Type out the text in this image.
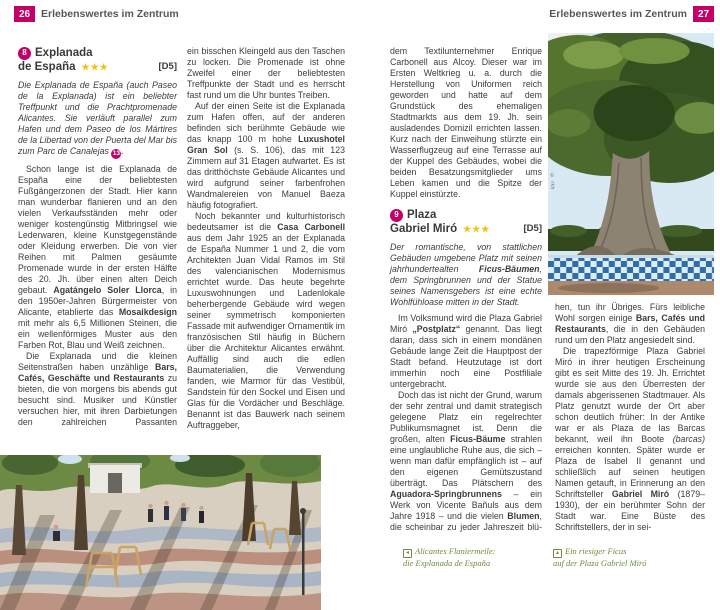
26	Erlebenswertes im Zentrum	Erlebenswertes im Zentrum	27
8 Explanada
de España ★★★	[D5]

Die Explanada de España (auch Paseo de la Explanada) ist ein beliebter Treffpunkt und die Prachtpromenade Alicantes. Sie verläuft parallel zum Hafen und dem Paseo de los Mártires de la Libertad von der Puerta del Mar bis zum Parc de Canalejas 13.

Schon lange ist die Explanada de España eine der beliebtesten Fußgängerzonen der Stadt. Hier kann man wunderbar flanieren und an den vielen Verkaufsständen mehr oder weniger kostengünstig Mitbringsel wie Lederwaren, kleine Kunstgegenstände oder Kleidung erwerben. Die von vier Reihen mit Palmen gesäumte Promenade wurde in der ersten Hälfte des 20. Jh. über einen alten Deich gebaut. Agatángelo Soler Llorca, in den 1950er-Jahren Bürgermeister von Alicante, etablierte das Mosaikdesign mit mehr als 6,5 Millionen Steinen, die ein wellenförmiges Muster aus den Farben Rot, Blau und Weiß zeichnen.

Die Explanada und die kleinen Seitenstraßen haben unzählige Bars, Cafés, Geschäfte und Restaurants zu bieten, die von morgens bis abends gut besucht sind. Musiker und Künstler versuchen hier, mit ihren Darbietungen den zahlreichen Passanten

ein bisschen Kleingeld aus den Taschen zu locken. Die Promenade ist ohne Zweifel einer der beliebtesten Treffpunkte der Stadt und es herrscht fast rund um die Uhr buntes Treiben.

Auf der einen Seite ist die Explanada zum Hafen offen, auf der anderen befinden sich berühmte Gebäude wie das knapp 100 m hohe Luxushotel Gran Sol (s. S. 106), das mit 123 Zimmern auf 31 Etagen aufwartet. Es ist das dritthöchste Gebäude Alicantes und wird aufgrund seiner farbenfrohen Wandmalereien von Manuel Baeza häufig fotografiert.

Noch bekannter und kulturhistorisch bedeutsamer ist die Casa Carbonell aus dem Jahr 1925 an der Explanada de España Nummer 1 und 2, die vom Architekten Juan Vidal Ramos im Stil des valencianischen Modernismus errichtet wurde. Das heute begehrte Luxuswohnungen und Ladenlokale beherbergende Gebäude wird wegen seiner symmetrisch komponierten Fassade mit aufwendiger Ornamentik im französischen Stil häufig in Büchern über die Architektur Alicantes erwähnt. Auffällig sind auch die edlen Baumaterialien, die Verwendung fanden, wie Marmor für das Vestibül, Sandstein für den Sockel und Eisen und Glas für die Vordächer und Beschläge. Benannt ist das Bauwerk nach seinem Auftraggeber,

dem Textilunternehmer Enrique Carbonell aus Alcoy. Dieser war im Ersten Weltkrieg u. a. durch die Herstellung von Uniformen reich geworden und hatte auf dem Grundstück des ehemaligen Stadtmarkts aus dem 19. Jh. sein ausladendes Domizil errichten lassen. Kurz nach der Einweihung stürzte ein Wasserflugzeug auf eine Terrasse auf der Kuppel des Gebäudes, wobei die beiden Besatzungsmitglieder ums Leben kamen und die Spitze der Kuppel einstürzte.

9 Plaza
Gabriel Miró ★★★	[D5]

Der romantische, von stattlichen Gebäuden umgebene Platz mit seinen jahrhundertealten Ficus-Bäumen, dem Springbrunnen und der Statue seines Namensgebers ist eine echte Wohlfühloase mitten in der Stadt.

Im Volksmund wird die Plaza Gabriel Miró „Postplatz“ genannt. Das liegt daran, dass sich in einem mondänen Gebäude lange Zeit die Hauptpost der Stadt befand. Heutzutage ist dort immerhin noch eine Postfiliale untergebracht.

Doch das ist nicht der Grund, warum der sehr zentral und damit strategisch gelegene Platz ein regelrechter Publikumsmagnet ist. Denn die großen, alten Ficus-Bäume strahlen eine unglaubliche Ruhe aus, die sich – wenn man dafür empfänglich ist – auf den eigenen Gemütszustand überträgt. Das Plätschern des Aguadora-Springbrunnens – ein Werk von Vicente Bañuls aus dem Jahre 1918 – und die vielen Blumen, die scheinbar zu jeder Jahreszeit blü-

hen, tun ihr Übriges. Fürs leibliche Wohl sorgen einige Bars, Cafés und Restaurants, die in den Gebäuden rund um den Platz angesiedelt sind.

Die trapezförmige Plaza Gabriel Miró in ihrer heutigen Erscheinung gibt es seit Mitte des 19. Jh. Errichtet wurde sie aus den Überresten der damals abgerissenen Stadtmauer. Als Platz genutzt wurde der Ort aber schon deutlich früher: In der Antike war er als Plaza de las Barcas bekannt, weil ihn Boote (barcas) erreichen konnten. Später wurde er Plaza de Isabel II genannt und schließlich auf seinen heutigen Namen getauft, in Erinnerung an den Schriftsteller Gabriel Miró (1879–1930), der ein berühmter Sohn der Stadt war. Eine Büste des Schriftstellers, der in sei-

© rkh
© rkh
◂ Alicantes Flaniermeile:
die Explanada de España
▴ Ein riesiger Ficus
auf der Plaza Gabriel Miró
